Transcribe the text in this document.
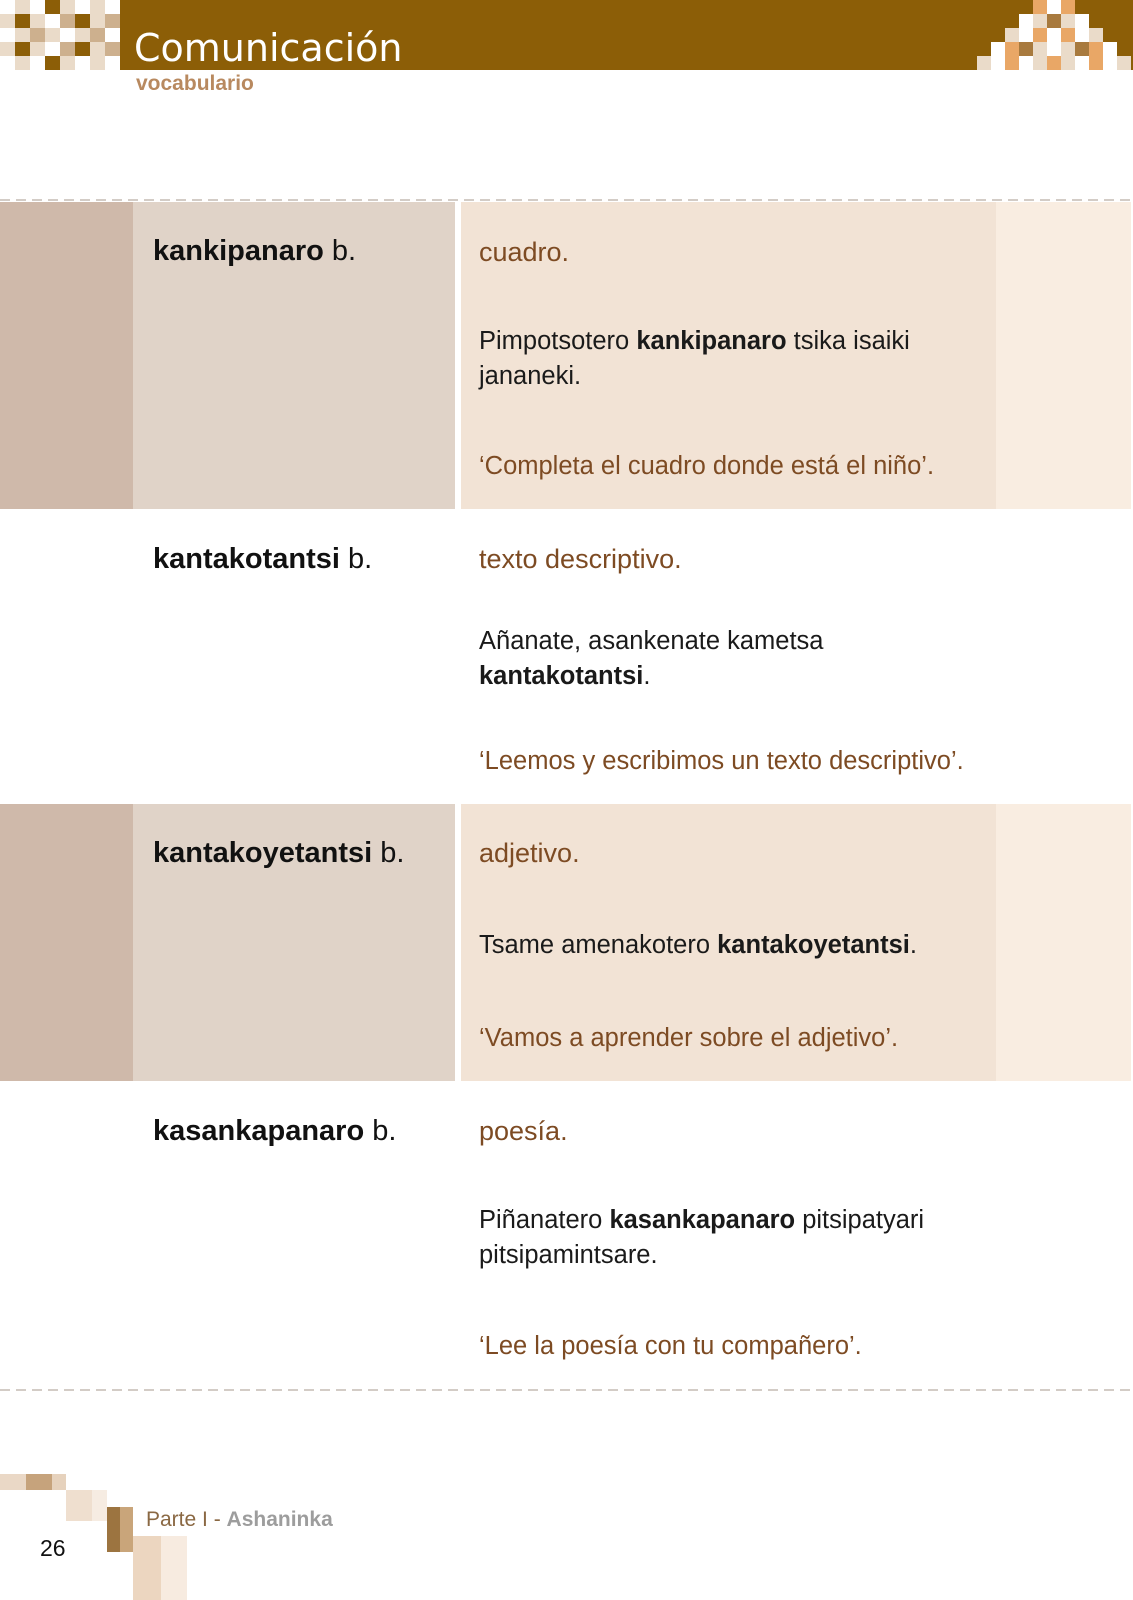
Comunicación
vocabulario
kankipanaro b.	cuadro.
Pimpotsotero kankipanaro tsika isaiki jananeki.
‘Completa el cuadro donde está el niño’.
kantakotantsi b.	texto descriptivo.
Añanate, asankenate kametsa kantakotantsi.
‘Leemos y escribimos un texto descriptivo’.
kantakoyetantsi b.	adjetivo.
Tsame amenakotero kantakoyetantsi.
‘Vamos a aprender sobre el adjetivo’.
kasankapanaro b.	poesía.
Piñanatero kasankapanaro pitsipatyari pitsipamintsare.
‘Lee la poesía con tu compañero’.
Parte I - Ashaninka
26
